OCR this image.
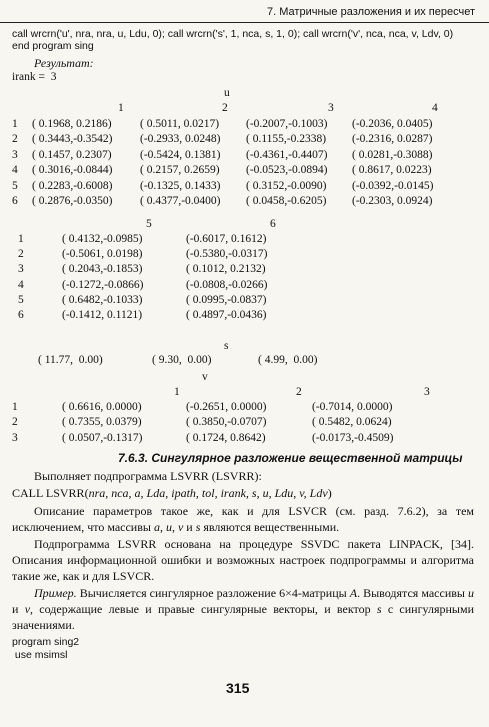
7. Матричные разложения и их пересчет

call wrcrn('u', nra, nra, u, Ldu, 0); call wrcrn('s', 1, nca, s, 1, 0); call wrcrn('v', nca, nca, v, Ldv, 0)
end program sing
Результат:
irank =  3
u
1	2	3	4
1 ( 0.1968, 0.2186) ( 0.5011, 0.0217) (-0.2007,-0.1003) (-0.2036, 0.0405)
2 ( 0.3443,-0.3542) (-0.2933, 0.0248) ( 0.1155,-0.2338) (-0.2316, 0.0287)
3 ( 0.1457, 0.2307) (-0.5424, 0.1381) (-0.4361,-0.4407) ( 0.0281,-0.3088)
4 ( 0.3016,-0.0844) ( 0.2157, 0.2659) (-0.0523,-0.0894) ( 0.8617, 0.0223)
5 ( 0.2283,-0.6008) (-0.1325, 0.1433) ( 0.3152,-0.0090) (-0.0392,-0.0145)
6 ( 0.2876,-0.0350) ( 0.4377,-0.0400) ( 0.0458,-0.6205) (-0.2303, 0.0924)
5	6
1	( 0.4132,-0.0985)	(-0.6017, 0.1612)
2	(-0.5061, 0.0198)	(-0.5380,-0.0317)
3	( 0.2043,-0.1853)	( 0.1012, 0.2132)
4	(-0.1272,-0.0866)	(-0.0808,-0.0266)
5	( 0.6482,-0.1033)	( 0.0995,-0.0837)
6	(-0.1412, 0.1121)	( 0.4897,-0.0436)
s
( 11.77,  0.00)	( 9.30,  0.00)	( 4.99,  0.00)
v
1	2	3
1	( 0.6616, 0.0000)	(-0.2651, 0.0000)	(-0.7014, 0.0000)
2	( 0.7355, 0.0379)	( 0.3850,-0.0707)	( 0.5482, 0.0624)
3	( 0.0507,-0.1317)	( 0.1724, 0.8642)	(-0.0173,-0.4509)
7.6.3. Сингулярное разложение вещественной матрицы
Выполняет подпрограмма LSVRR (LSVRR):
CALL LSVRR(nra, nca, a, Lda, ipath, tol, irank, s, u, Ldu, v, Ldv)
Описание параметров такое же, как и для LSVCR (см. разд. 7.6.2), за тем исключением, что массивы a, u, v и s являются вещественными.
Подпрограмма LSVRR основана на процедуре SSVDC пакета LINPACK, [34]. Описания информационной ошибки и возможных настроек подпрограммы и алгоритма такие же, как и для LSVCR.
Пример. Вычисляется сингулярное разложение 6×4-матрицы A. Выводятся массивы u и v, содержащие левые и правые сингулярные векторы, и вектор s с сингулярными значениями.
program sing2
use msimsl
315
